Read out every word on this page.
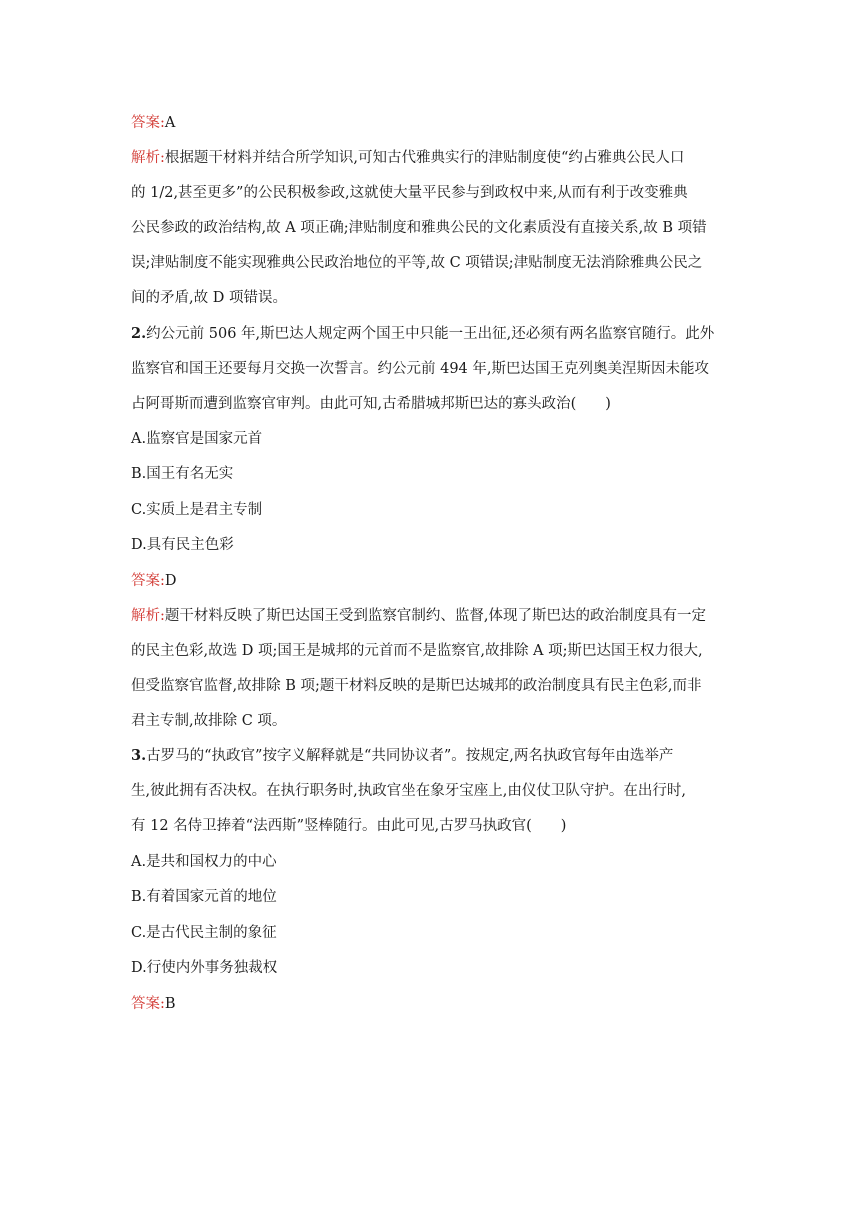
答案:A
解析:根据题干材料并结合所学知识,可知古代雅典实行的津贴制度使“约占雅典公民人口
的 1/2,甚至更多”的公民积极参政,这就使大量平民参与到政权中来,从而有利于改变雅典
公民参政的政治结构,故 A 项正确;津贴制度和雅典公民的文化素质没有直接关系,故 B 项错
误;津贴制度不能实现雅典公民政治地位的平等,故 C 项错误;津贴制度无法消除雅典公民之
间的矛盾,故 D 项错误。
2.约公元前 506 年,斯巴达人规定两个国王中只能一王出征,还必须有两名监察官随行。此外
监察官和国王还要每月交换一次誓言。约公元前 494 年,斯巴达国王克列奥美涅斯因未能攻
占阿哥斯而遭到监察官审判。由此可知,古希腊城邦斯巴达的寡头政治(　　)
A.监察官是国家元首
B.国王有名无实
C.实质上是君主专制
D.具有民主色彩
答案:D
解析:题干材料反映了斯巴达国王受到监察官制约、监督,体现了斯巴达的政治制度具有一定
的民主色彩,故选 D 项;国王是城邦的元首而不是监察官,故排除 A 项;斯巴达国王权力很大,
但受监察官监督,故排除 B 项;题干材料反映的是斯巴达城邦的政治制度具有民主色彩,而非
君主专制,故排除 C 项。
3.古罗马的“执政官”按字义解释就是“共同协议者”。按规定,两名执政官每年由选举产
生,彼此拥有否决权。在执行职务时,执政官坐在象牙宝座上,由仪仗卫队守护。在出行时,
有 12 名侍卫捧着“法西斯”竖棒随行。由此可见,古罗马执政官(　　)
A.是共和国权力的中心
B.有着国家元首的地位
C.是古代民主制的象征
D.行使内外事务独裁权
答案:B
